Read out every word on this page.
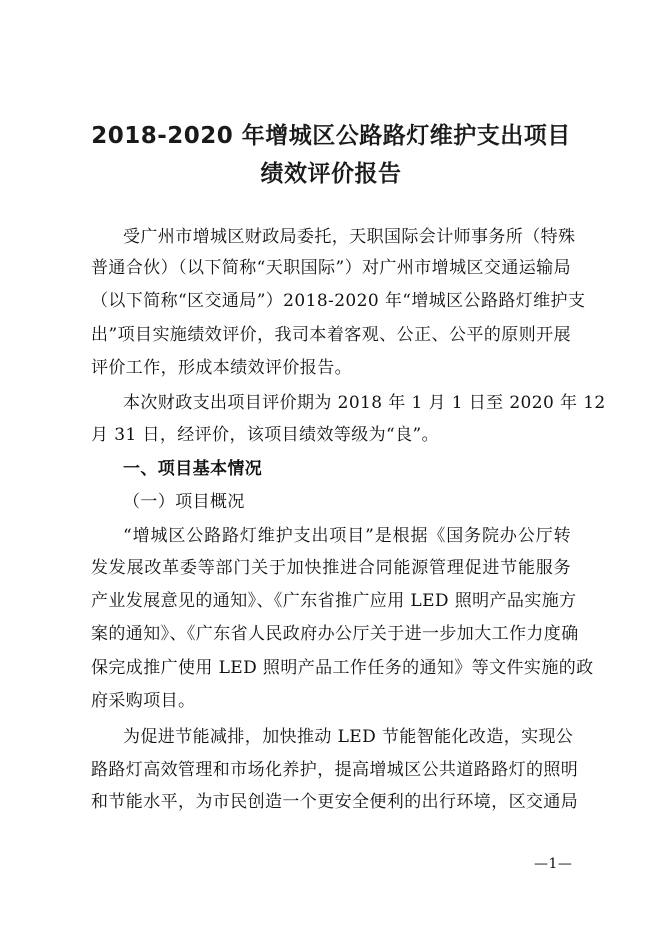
2018-2020 年增城区公路路灯维护支出项目
绩效评价报告

受广州市增城区财政局委托，天职国际会计师事务所（特殊

普通合伙）（以下简称“天职国际”）对广州市增城区交通运输局

（以下简称“区交通局”）2018-2020 年“增城区公路路灯维护支

出”项目实施绩效评价，我司本着客观、公正、公平的原则开展

评价工作，形成本绩效评价报告。

本次财政支出项目评价期为 2018 年 1 月 1 日至 2020 年 12

月 31 日，经评价，该项目绩效等级为“良”。

一、项目基本情况

（一）项目概况

“增城区公路路灯维护支出项目”是根据《国务院办公厅转

发发展改革委等部门关于加快推进合同能源管理促进节能服务

产业发展意见的通知》、《广东省推广应用 LED 照明产品实施方

案的通知》、《广东省人民政府办公厅关于进一步加大工作力度确

保完成推广使用 LED 照明产品工作任务的通知》等文件实施的政

府采购项目。

为促进节能减排，加快推动 LED 节能智能化改造，实现公

路路灯高效管理和市场化养护，提高增城区公共道路路灯的照明

和节能水平，为市民创造一个更安全便利的出行环境，区交通局

—1—
